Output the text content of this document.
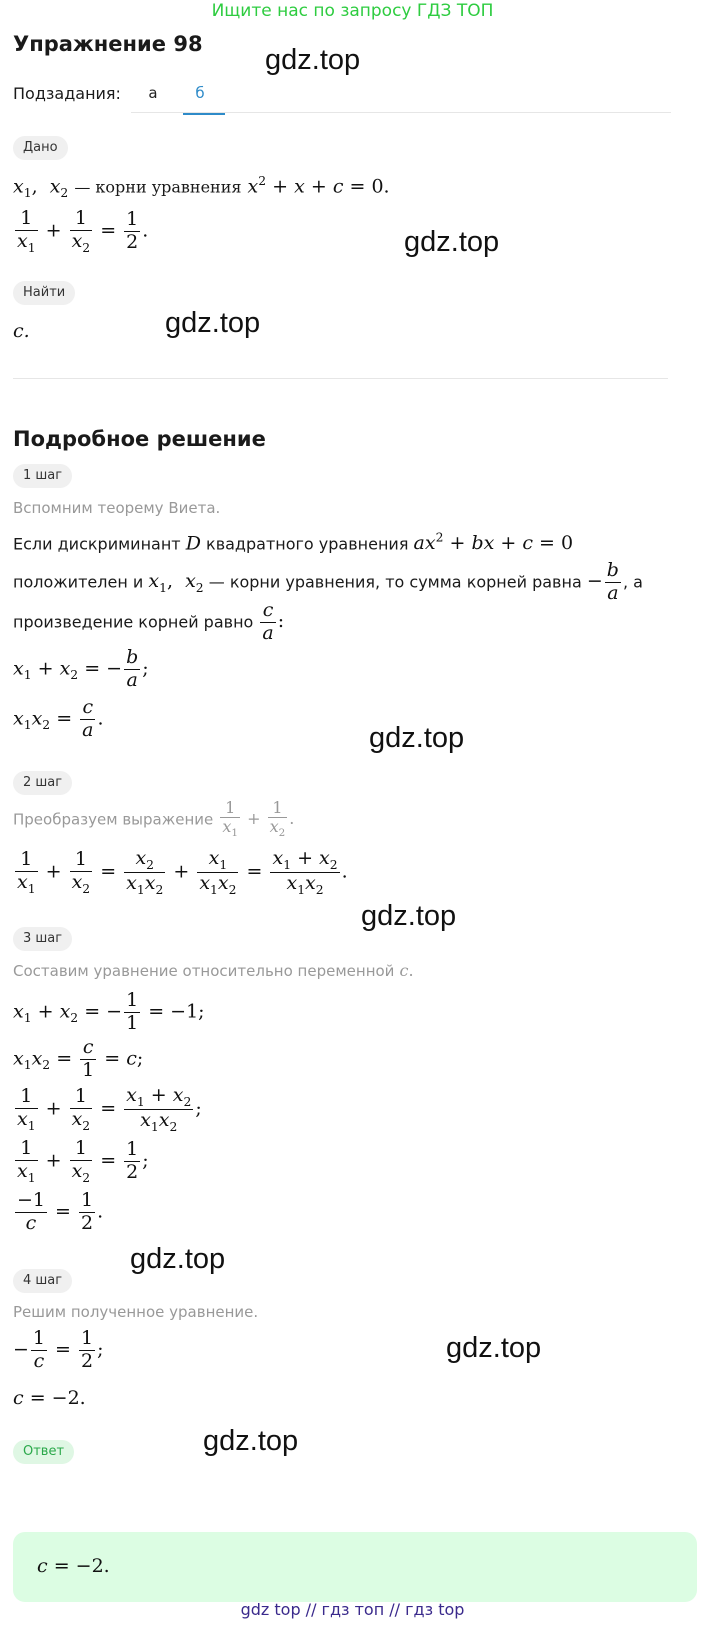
Ищите нас по запросу ГДЗ ТОП
Упражнение 98 gdz.top
gdz.top
gdz.top
gdz.top
gdz.top
gdz.top
gdz.top
gdz.top
Подзадания:	а	б
Дано
$x_1$,  $x_2$ — корни уравнения $x^2 + x + c = 0$.
$\frac{1}{x_1} + \frac{1}{x_2} = \frac{1}{2}$ .
Найти
c.
Подробное решение
1 шаг
Вспомним теорему Виета.
Если дискриминант D квадратного уравнения $ax^2$ + bx + c = 0
положителен и $x_1$,  $x_2$ — корни уравнения, то сумма корней равна − $\frac{b}{a}$ , а
произведение корней равно $\frac{c}{a}$ :
$x_1 + x_2$ = − $\frac{b}{a}$ ;
$x_1x_2 = \frac{c}{a}$ .
2 шаг
Преобразуем выражение $\frac{1}{x_1} + \frac{1}{x_2}$ .
$\frac{1}{x_1} + \frac{1}{x_2} = \frac{x_2}{x_1x_2} + \frac{x_1}{x_1x_2} = \frac{x_1 + x_2}{x_1x_2}$ .
3 шаг
Составим уравнение относительно переменной c.
$x_1 + x_2$ = − $\frac{1}{1} = -1$;
$x_1x_2 = \frac{c}{1} = c$;
$\frac{1}{x_1} + \frac{1}{x_2} = \frac{x_1 + x_2}{x_1x_2}$ ;
$\frac{1}{x_1} + \frac{1}{x_2} = \frac{1}{2}$ ;
$\frac{-1}{c} = \frac{1}{2}$ .
4 шаг
Решим полученное уравнение.
− $\frac{1}{c} = \frac{1}{2}$ ;
c = −2.
Ответ
c = −2.
gdz top // гдз топ // гдз top
